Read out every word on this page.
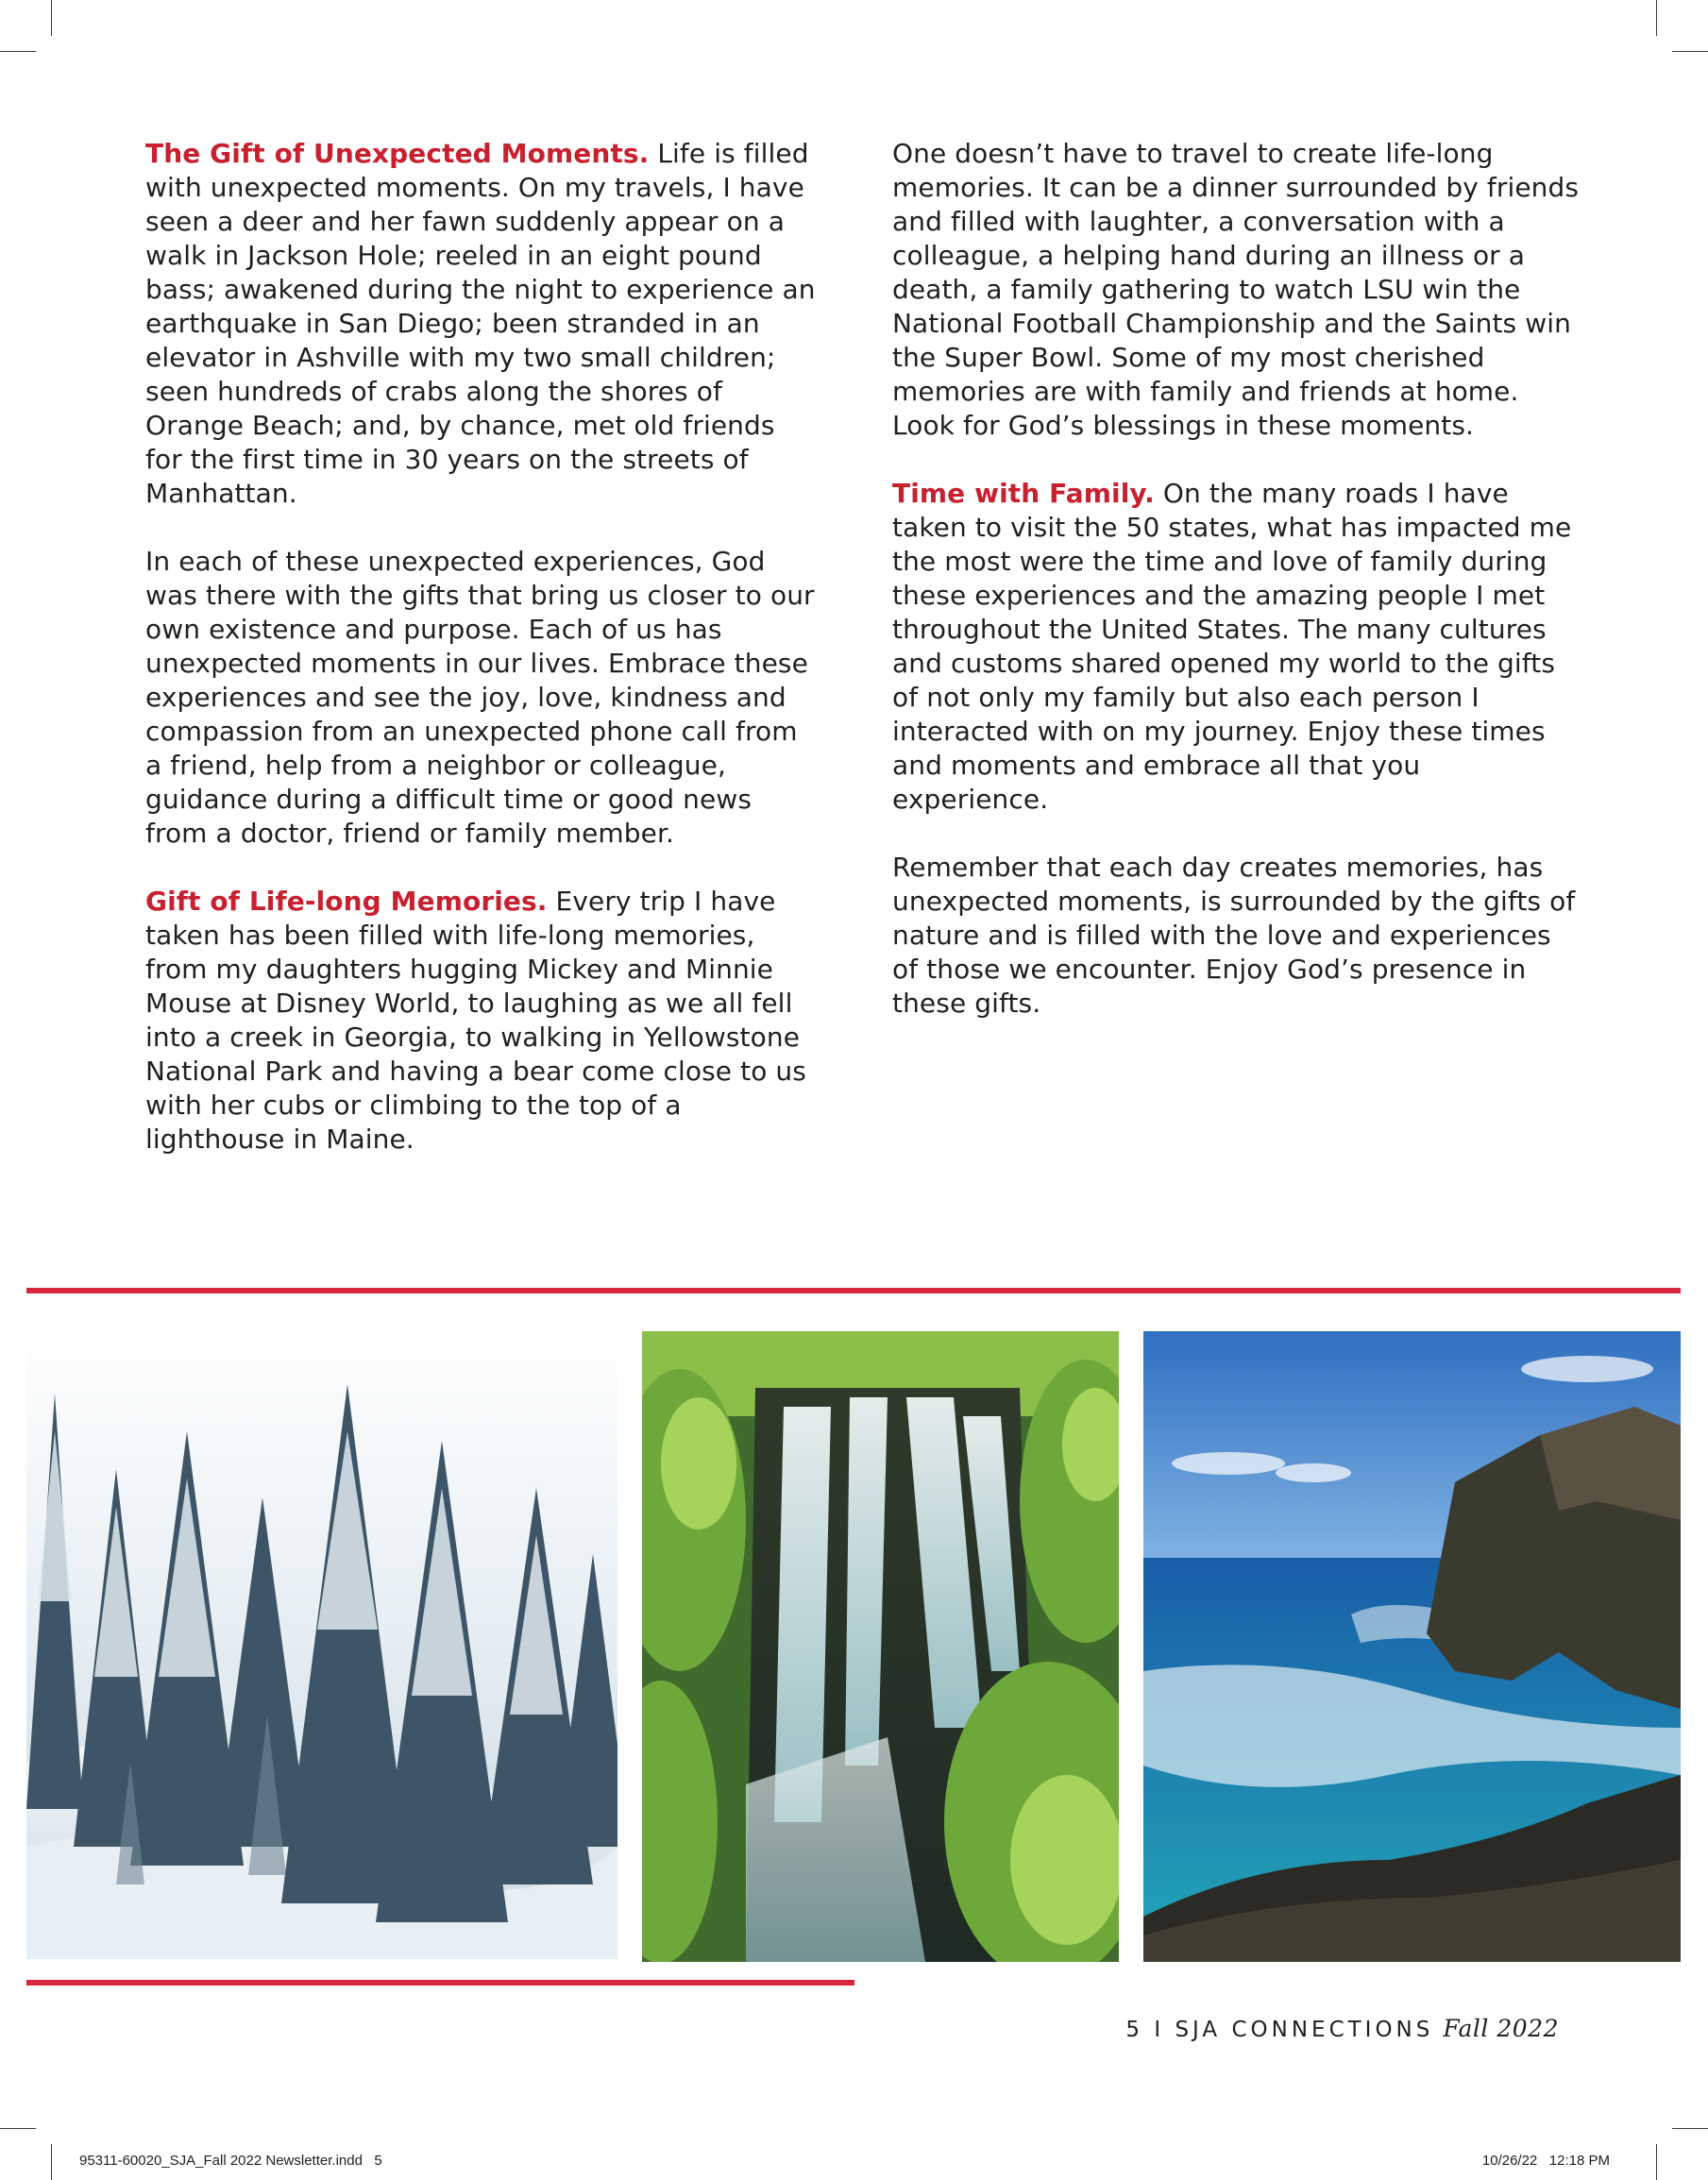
The Gift of Unexpected Moments. Life is filled with unexpected moments. On my travels, I have seen a deer and her fawn suddenly appear on a walk in Jackson Hole; reeled in an eight pound bass; awakened during the night to experience an earthquake in San Diego; been stranded in an elevator in Ashville with my two small children; seen hundreds of crabs along the shores of Orange Beach; and, by chance, met old friends for the first time in 30 years on the streets of Manhattan.

In each of these unexpected experiences, God was there with the gifts that bring us closer to our own existence and purpose. Each of us has unexpected moments in our lives. Embrace these experiences and see the joy, love, kindness and compassion from an unexpected phone call from a friend, help from a neighbor or colleague, guidance during a difficult time or good news from a doctor, friend or family member.

Gift of Life-long Memories. Every trip I have taken has been filled with life-long memories, from my daughters hugging Mickey and Minnie Mouse at Disney World, to laughing as we all fell into a creek in Georgia, to walking in Yellowstone National Park and having a bear come close to us with her cubs or climbing to the top of a lighthouse in Maine.

One doesn’t have to travel to create life-long memories. It can be a dinner surrounded by friends and filled with laughter, a conversation with a colleague, a helping hand during an illness or a death, a family gathering to watch LSU win the National Football Championship and the Saints win the Super Bowl. Some of my most cherished memories are with family and friends at home. Look for God’s blessings in these moments.

Time with Family. On the many roads I have taken to visit the 50 states, what has impacted me the most were the time and love of family during these experiences and the amazing people I met throughout the United States. The many cultures and customs shared opened my world to the gifts of not only my family but also each person I interacted with on my journey. Enjoy these times and moments and embrace all that you experience.

Remember that each day creates memories, has unexpected moments, is surrounded by the gifts of nature and is filled with the love and experiences of those we encounter. Enjoy God’s presence in these gifts.

5 I SJA CONNECTIONS Fall 2022
95311-60020_SJA_Fall 2022 Newsletter.indd   5	10/26/22   12:18 PM
